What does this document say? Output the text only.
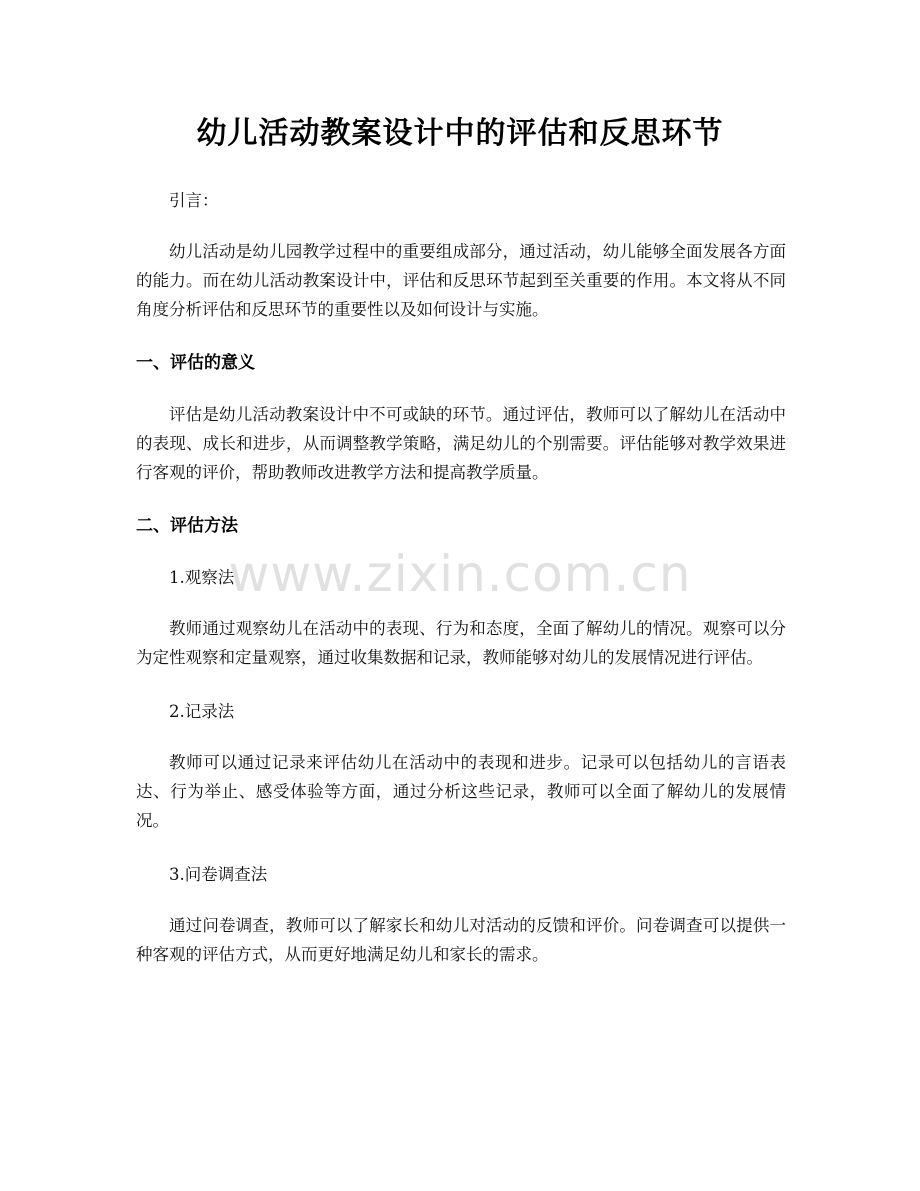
幼儿活动教案设计中的评估和反思环节
引言：
幼儿活动是幼儿园教学过程中的重要组成部分，通过活动，幼儿能够全面发展各方面的能力。而在幼儿活动教案设计中，评估和反思环节起到至关重要的作用。本文将从不同角度分析评估和反思环节的重要性以及如何设计与实施。
一、评估的意义
评估是幼儿活动教案设计中不可或缺的环节。通过评估，教师可以了解幼儿在活动中的表现、成长和进步，从而调整教学策略，满足幼儿的个别需要。评估能够对教学效果进行客观的评价，帮助教师改进教学方法和提高教学质量。
二、评估方法
1.观察法
教师通过观察幼儿在活动中的表现、行为和态度，全面了解幼儿的情况。观察可以分为定性观察和定量观察，通过收集数据和记录，教师能够对幼儿的发展情况进行评估。
2.记录法
教师可以通过记录来评估幼儿在活动中的表现和进步。记录可以包括幼儿的言语表达、行为举止、感受体验等方面，通过分析这些记录，教师可以全面了解幼儿的发展情况。
3.问卷调查法
通过问卷调查，教师可以了解家长和幼儿对活动的反馈和评价。问卷调查可以提供一种客观的评估方式，从而更好地满足幼儿和家长的需求。
www.zixin.com.cn
